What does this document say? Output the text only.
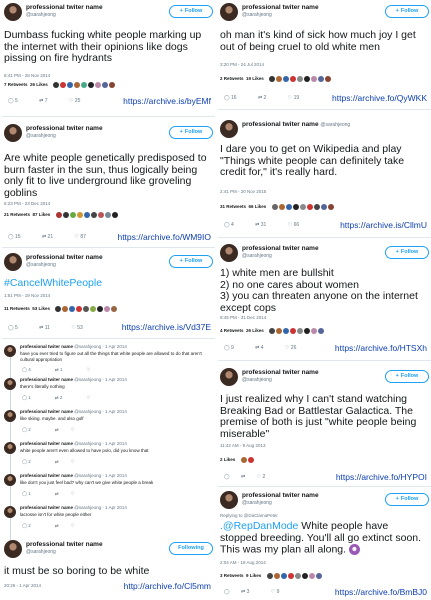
professional twiter name
@sarahjeong
+ Follow
Dumbass fucking white people marking up the internet with their opinions like dogs pissing on fire hydrants
8:41 PM - 28 Nov 2014
7 Retweets 26 Likes
◯ 5	⇄ 7	♡ 25	https://archive.is/byEMf
professional twiter name
@sarahjeong
+ Follow
Are white people genetically predisposed to burn faster in the sun, thus logically being only fit to live underground like groveling goblins
6:23 PM - 23 Dec 2014
21 Retweets 87 Likes
◯ 15	⇄ 21	♡ 87	https://archive.fo/WM9IO
professional twiter name
@sarahjeong
+ Follow
#CancelWhitePeople
1:51 PM - 19 Nov 2014
11 Retweets 53 Likes
◯ 5	⇄ 11	♡ 53	https://archive.is/Vd37E
professional twiter name @sarahjeong · 1 Apr 2014
have you ever tried to figure out all the things that white people are allowed to do that aren't cultural appropriation
◯ 4	⇄ 1	♡
professional twiter name @sarahjeong · 1 Apr 2014
there's literally nothing
◯ 1	⇄ 2	♡
professional twiter name @sarahjeong · 1 Apr 2014
like skiing. maybe. and also golf
◯ 2	⇄	♡
professional twiter name @sarahjeong · 1 Apr 2014
white people aren't even allowed to have polo, did you know that
◯ 2	⇄	♡
professional twiter name @sarahjeong · 1 Apr 2014
like don't you just feel bad? why can't we give white people a break
◯ 1	⇄	♡
professional twiter name @sarahjeong · 1 Apr 2014
lacrosse isn't for white people either
◯ 2	⇄	♡
professional twiter name
@sarahjeong
Following
it must be so boring to be white
20:26 - 1 Apr 2014	http://archive.fo/Cl5mm
professional twiter name
@sarahjeong
+ Follow
oh man it's kind of sick how much joy I get out of being cruel to old white men
3:20 PM - 24 Jul 2014
2 Retweets 19 Likes
◯ 16	⇄ 2	♡ 19	https://archive.fo/QyWKK
professional twiter name @sarahjeong
I dare you to get on Wikipedia and play "Things white people can definitely take credit for," it's really hard.
2:41 PM - 20 Nov 2015
31 Retweets 66 Likes
◯ 4	⇄ 31	♡ 66	https://archive.is/CllmU
professional twiter name
@sarahjeong
+ Follow
1) white men are bullshit
2) no one cares about women
3) you can threaten anyone on the internet except cops
9:45 PM - 31 Dec 2014
4 Retweets 26 Likes
◯ 9	⇄ 4	♡ 26	https://archive.fo/HTSXh
professional twiter name
@sarahjeong
+ Follow
I just realized why I can't stand watching Breaking Bad or Battlestar Galactica. The premise of both is just "white people being miserable"
11:42 AM - 9 Aug 2013
2 Likes
◯ ⇄ ♡ 2	https://archive.fo/HYPOI
professional twiter name
@sarahjeong
+ Follow
Replying to @DaClamaPeter
.@RepDanMode White people have stopped breeding. You'll all go extinct soon. This was my plan all along. ☻
2:04 AM - 18 Aug 2014
3 Retweets 9 Likes
◯ ⇄ 3	♡ 9	https://archive.fo/BmBJ0
